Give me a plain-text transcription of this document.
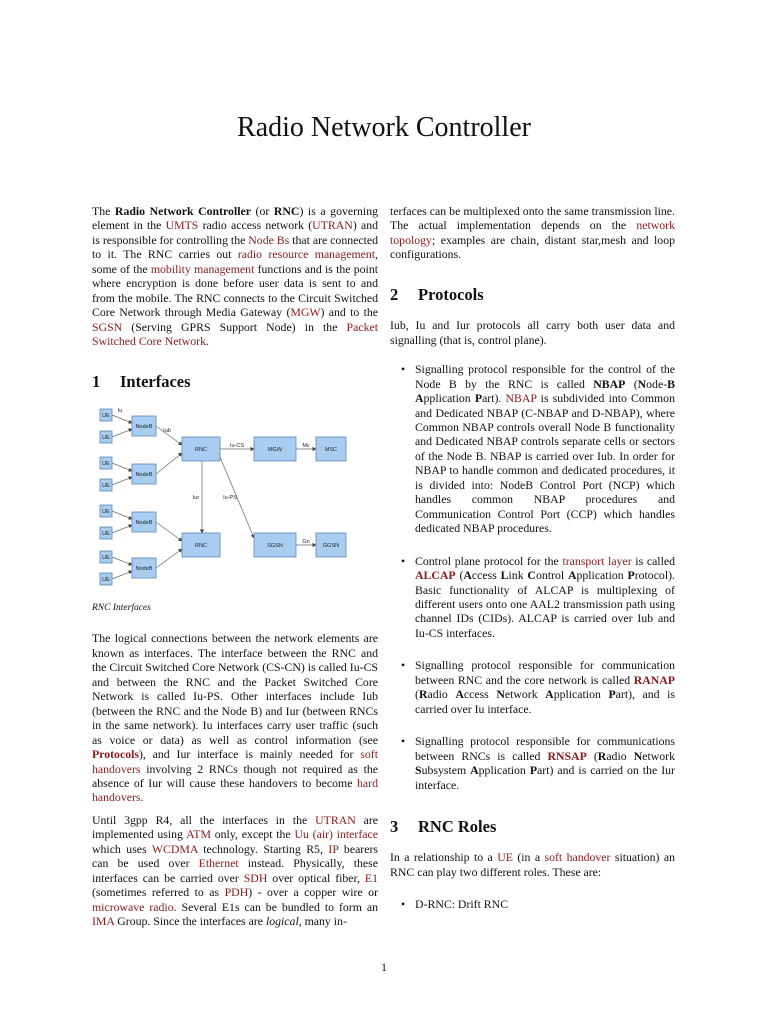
Radio Network Controller

The Radio Network Controller (or RNC) is a governing element in the UMTS radio access network (UTRAN) and is responsible for controlling the Node Bs that are connected to it. The RNC carries out radio resource management, some of the mobility management functions and is the point where encryption is done before user data is sent to and from the mobile. The RNC connects to the Circuit Switched Core Network through Media Gateway (MGW) and to the SGSN (Serving GPRS Support Node) in the Packet Switched Core Network.

1 Interfaces
UE
UE
UE
UE
UE
UE
UE
UE
NodeB
NodeB
NodeB
NodeB
RNC
RNC
MGW	MSC
SGSN	GGSN
Iu
Iub
Iu-CS	Mc
Iur	Iu-PS
Gn

RNC Interfaces

The logical connections between the network elements are known as interfaces. The interface between the RNC and the Circuit Switched Core Network (CS-CN) is called Iu-CS and between the RNC and the Packet Switched Core Network is called Iu-PS. Other interfaces include Iub (between the RNC and the Node B) and Iur (between RNCs in the same network). Iu interfaces carry user traffic (such as voice or data) as well as control information (see Protocols), and Iur interface is mainly needed for soft handovers involving 2 RNCs though not required as the absence of Iur will cause these handovers to become hard handovers.

Until 3gpp R4, all the interfaces in the UTRAN are implemented using ATM only, except the Uu (air) interface which uses WCDMA technology. Starting R5, IP bearers can be used over Ethernet instead. Physically, these interfaces can be carried over SDH over optical fiber, E1 (sometimes referred to as PDH) - over a copper wire or microwave radio. Several E1s can be bundled to form an IMA Group. Since the interfaces are logical, many in-

terfaces can be multiplexed onto the same transmission line. The actual implementation depends on the network topology; examples are chain, distant star,mesh and loop configurations.

2 Protocols

Iub, Iu and Iur protocols all carry both user data and signalling (that is, control plane).

• Signalling protocol responsible for the control of the Node B by the RNC is called NBAP (Node-B Application Part). NBAP is subdivided into Common and Dedicated NBAP (C-NBAP and D-NBAP), where Common NBAP controls overall Node B functionality and Dedicated NBAP controls separate cells or sectors of the Node B. NBAP is carried over Iub. In order for NBAP to handle common and dedicated procedures, it is divided into: NodeB Control Port (NCP) which handles common NBAP procedures and Communication Control Port (CCP) which handles dedicated NBAP procedures.
• Control plane protocol for the transport layer is called ALCAP (Access Link Control Application Protocol). Basic functionality of ALCAP is multiplexing of different users onto one AAL2 transmission path using channel IDs (CIDs). ALCAP is carried over Iub and Iu-CS interfaces.
• Signalling protocol responsible for communication between RNC and the core network is called RANAP (Radio Access Network Application Part), and is carried over Iu interface.
• Signalling protocol responsible for communications between RNCs is called RNSAP (Radio Network Subsystem Application Part) and is carried on the Iur interface.
3 RNC Roles

In a relationship to a UE (in a soft handover situation) an RNC can play two different roles. These are:

• D-RNC: Drift RNC
1
